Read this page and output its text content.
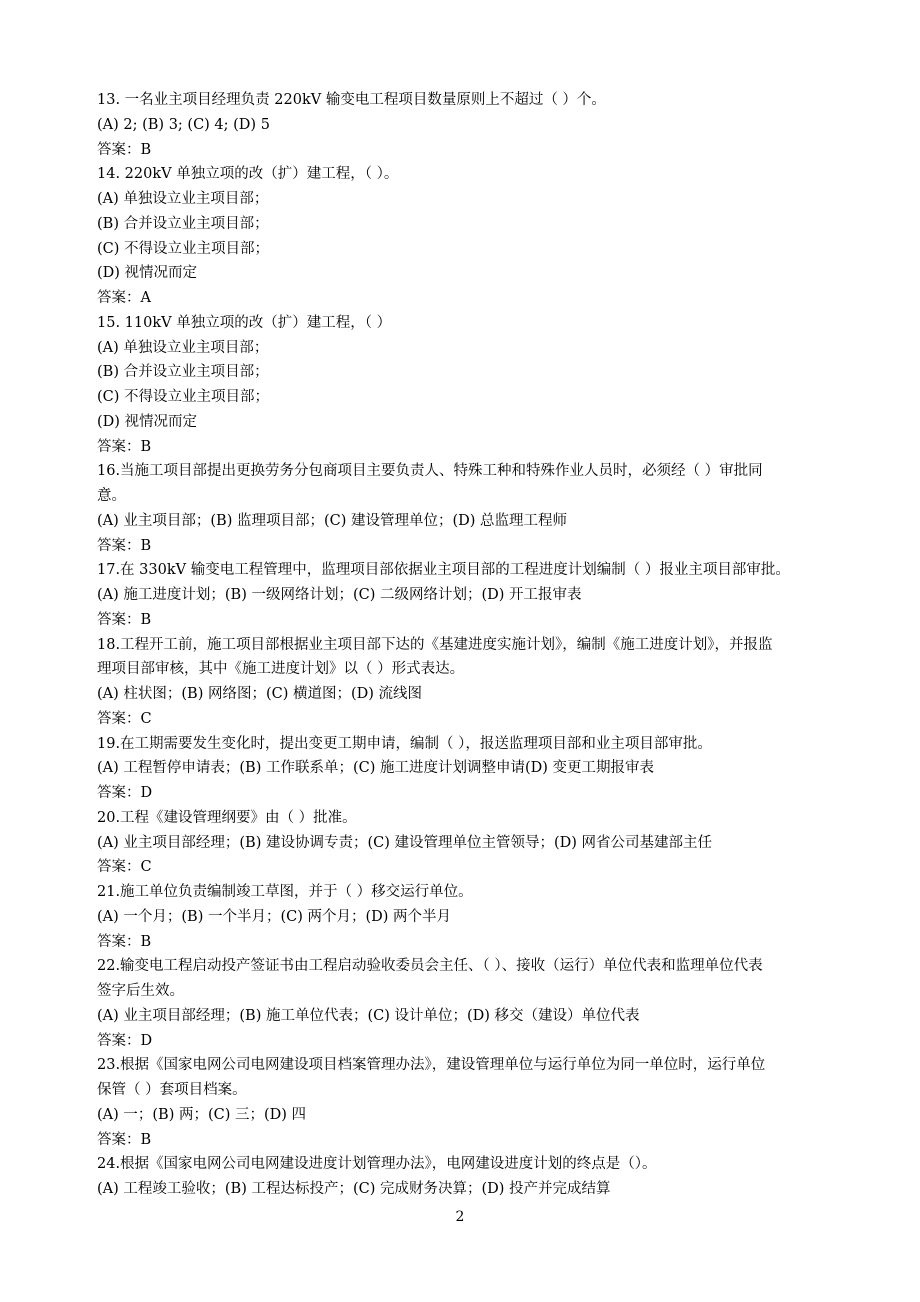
13. 一名业主项目经理负责 220kV 输变电工程项目数量原则上不超过（ ）个。
(A) 2; (B) 3; (C) 4; (D) 5
答案：B
14. 220kV 单独立项的改（扩）建工程，（ ）。
(A) 单独设立业主项目部；
(B) 合并设立业主项目部；
(C) 不得设立业主项目部；
(D) 视情况而定
答案：A
15. 110kV 单独立项的改（扩）建工程，（ ）
(A) 单独设立业主项目部；
(B) 合并设立业主项目部；
(C) 不得设立业主项目部；
(D) 视情况而定
答案：B
16.当施工项目部提出更换劳务分包商项目主要负责人、特殊工种和特殊作业人员时，必须经（ ）审批同
意。
(A) 业主项目部；(B) 监理项目部；(C) 建设管理单位；(D) 总监理工程师
答案：B
17.在 330kV 输变电工程管理中，监理项目部依据业主项目部的工程进度计划编制（ ）报业主项目部审批。
(A) 施工进度计划；(B) 一级网络计划；(C) 二级网络计划；(D) 开工报审表
答案：B
18.工程开工前，施工项目部根据业主项目部下达的《基建进度实施计划》，编制《施工进度计划》，并报监
理项目部审核，其中《施工进度计划》以（ ）形式表达。
(A) 柱状图；(B) 网络图；(C) 横道图；(D) 流线图
答案：C
19.在工期需要发生变化时，提出变更工期申请，编制（ ），报送监理项目部和业主项目部审批。
(A) 工程暂停申请表；(B) 工作联系单；(C) 施工进度计划调整申请(D) 变更工期报审表
答案：D
20.工程《建设管理纲要》由（ ）批准。
(A) 业主项目部经理；(B) 建设协调专责；(C) 建设管理单位主管领导；(D) 网省公司基建部主任
答案：C
21.施工单位负责编制竣工草图，并于（ ）移交运行单位。
(A) 一个月；(B) 一个半月；(C) 两个月；(D) 两个半月
答案：B
22.输变电工程启动投产签证书由工程启动验收委员会主任、（ ）、接收（运行）单位代表和监理单位代表
签字后生效。
(A) 业主项目部经理；(B) 施工单位代表；(C) 设计单位；(D) 移交（建设）单位代表
答案：D
23.根据《国家电网公司电网建设项目档案管理办法》，建设管理单位与运行单位为同一单位时，运行单位
保管（ ）套项目档案。
(A) 一；(B) 两；(C) 三；(D) 四
答案：B
24.根据《国家电网公司电网建设进度计划管理办法》，电网建设进度计划的终点是（）。
(A) 工程竣工验收；(B) 工程达标投产；(C) 完成财务决算；(D) 投产并完成结算
2
